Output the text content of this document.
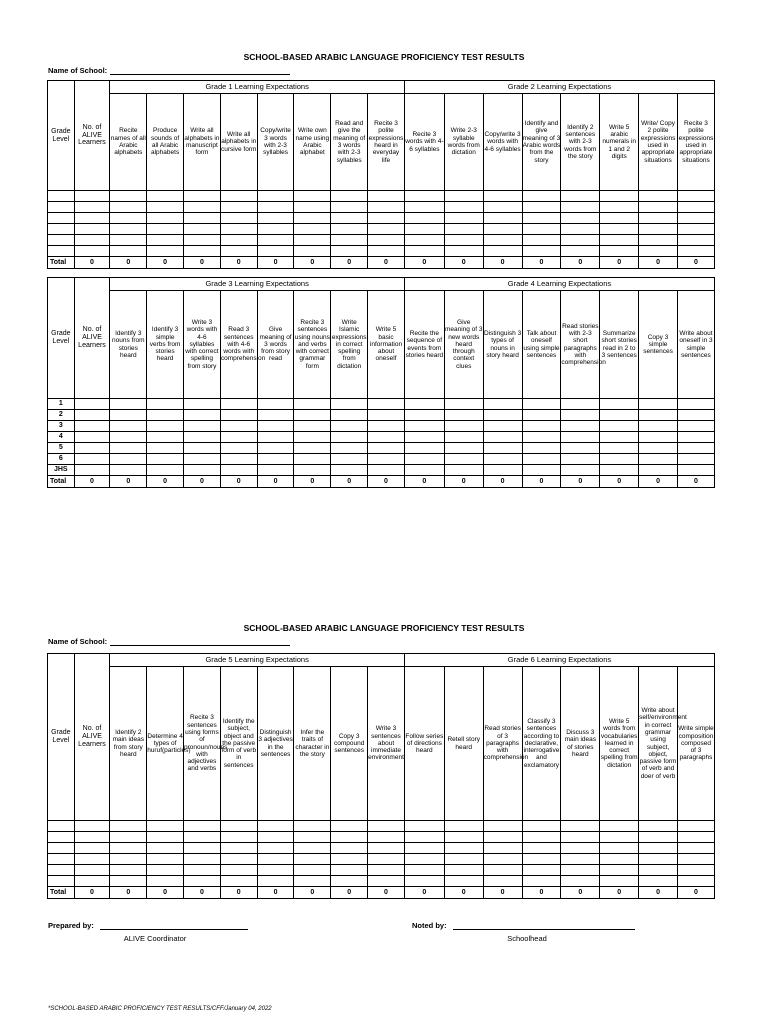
SCHOOL-BASED ARABIC LANGUAGE PROFICIENCY TEST RESULTS
Name of School:
Grade Level	No. of ALIVE Learners	Grade 1 Learning Expectations								Grade 2 Learning Expectations							
		Recite names of all Arabic alphabets	Produce sounds of all Arabic alphabets	Write all alphabets in manuscript form	Write all alphabets in cursive form	Copy/write 3 words with 2-3 syllables	Write own name using Arabic alphabet	Read and give the meaning of 3 words with 2-3 syllables	Recite 3 polite expressions heard in everyday life	Recite 3 words with 4-6 syllables	Write 2-3 syllable words from dictation	Copy/write 3 words with 4-6 syllables	Identify and give meaning of 3 Arabic words from the story	Identify 2 sentences with 2-3 words from the story	Write 5 arabic numerals in 1 and 2 digits	Write/ Copy 2 polite expressions used in appropriate situations	Recite 3 polite expressions used in appropriate situations

Total	0	0	0	0	0	0	0	0	0	0	0	0	0	0	0	0	0
Grade Level	No. of ALIVE Learners	Grade 3 Learning Expectations								Grade 4 Learning Expectations							
		Identify 3 nouns from stories heard	Identify 3 simple verbs from stories heard	Write 3 words with 4-6 syllables with correct spelling from story	Read 3 sentences with 4-6 words with comprehension	Give meaning of 3 words from story read	Recite 3 sentences using nouns and verbs with correct grammar form	Write Islamic expressions in correct spelling from dictation	Write 5 basic information about oneself	Recite the sequence of events from stories heard	Give meaning of 3 new words heard through context clues	Distinguish 3 types of nouns in story heard	Talk about oneself using simple sentences	Read stories with 2-3 short paragraphs with comprehension	Summarize short stories read in 2 to 3 sentences	Copy 3 simple sentences	Write about oneself in 3 simple sentences
1																	
2																	
3																	
4																	
5																	
6																	
JHS																	
Total	0	0	0	0	0	0	0	0	0	0	0	0	0	0	0	0	0
SCHOOL-BASED ARABIC LANGUAGE PROFICIENCY TEST RESULTS
Name of School:
Grade Level	No. of ALIVE Learners	Grade 5 Learning Expectations								Grade 6 Learning Expectations							
		Identify 2 main ideas from story heard	Determine 4 types of huruf(particles)	Recite 3 sentences using forms of pronoun/nouns with adjectives and verbs	Identify the subject, object and the passive form of verb in sentences	Distinguish 3 adjectives in the sentences	Infer the traits of character in the story	Copy 3 compound sentences	Write 3 sentences about immediate environment	Follow series of directions heard	Retell story heard	Read stories of 3 paragraphs with comprehension	Classify 3 sentences according to declarative, interrogative and exclamatory	Discuss 3 main ideas of stories heard	Write 5 words from vocabularies learned in correct spelling from dictation	Write about self/environment in correct grammar using subject, object, passive form of verb and doer of verb	Write simple composition composed of 3 paragraphs

Total	0	0	0	0	0	0	0	0	0	0	0	0	0	0	0	0	0
Prepared by:
ALIVE Coordinator
Noted by:
Schoolhead
*SCHOOL-BASED ARABIC PROFICIENCY TEST RESULTS/CFF/January 04, 2022
